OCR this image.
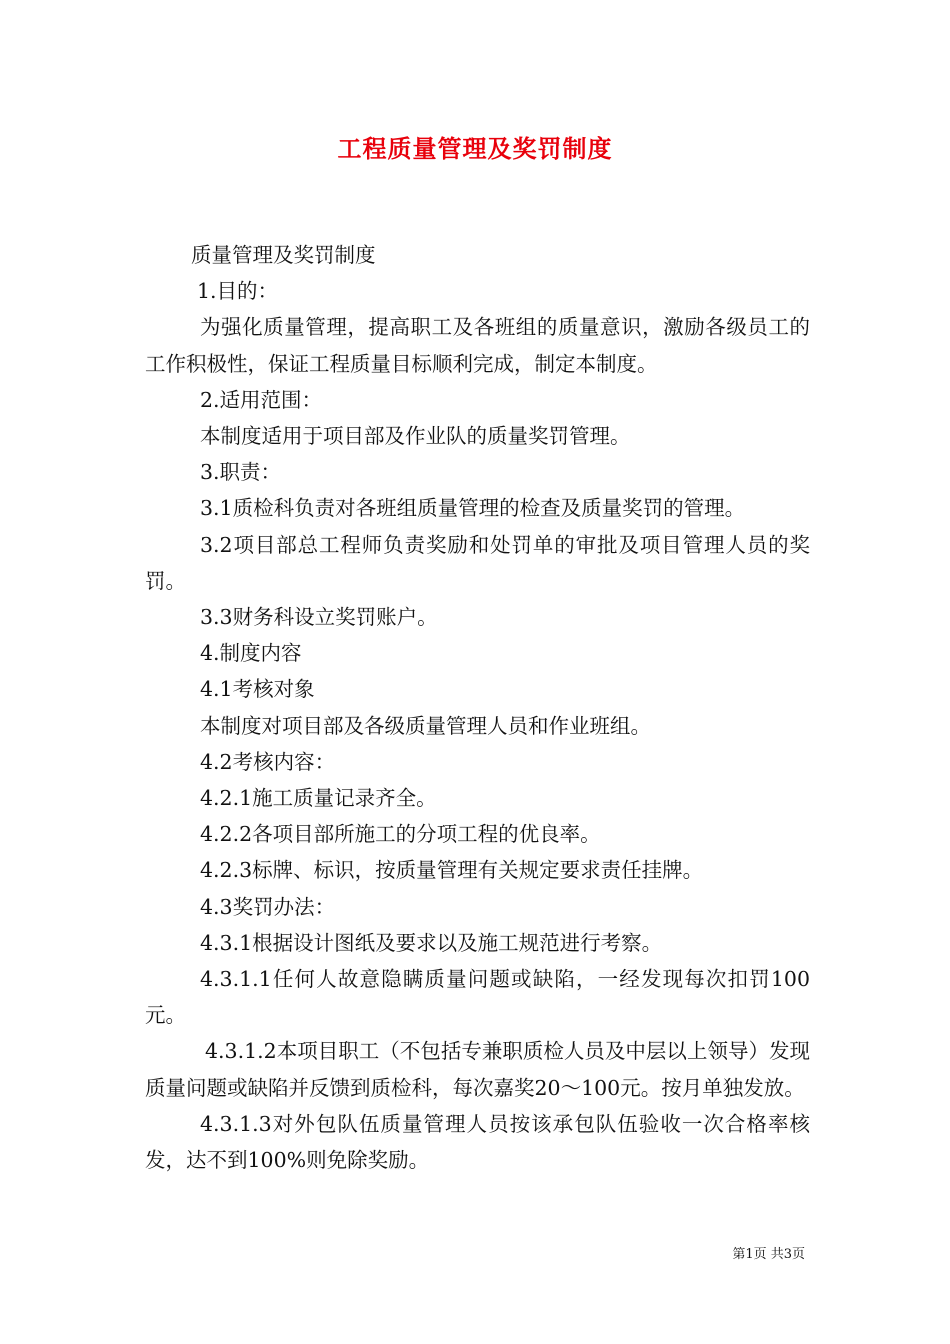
工程质量管理及奖罚制度

质量管理及奖罚制度

1.目的：

为强化质量管理，提高职工及各班组的质量意识，激励各级员工的工作积极性，保证工程质量目标顺利完成，制定本制度。

2.适用范围：

本制度适用于项目部及作业队的质量奖罚管理。

3.职责：

3.1质检科负责对各班组质量管理的检查及质量奖罚的管理。

3.2项目部总工程师负责奖励和处罚单的审批及项目管理人员的奖罚。

3.3财务科设立奖罚账户。

4.制度内容

4.1考核对象

本制度对项目部及各级质量管理人员和作业班组。

4.2考核内容：

4.2.1施工质量记录齐全。

4.2.2各项目部所施工的分项工程的优良率。

4.2.3标牌、标识，按质量管理有关规定要求责任挂牌。

4.3奖罚办法：

4.3.1根据设计图纸及要求以及施工规范进行考察。

4.3.1.1任何人故意隐瞒质量问题或缺陷，一经发现每次扣罚100元。

4.3.1.2本项目职工（不包括专兼职质检人员及中层以上领导）发现质量问题或缺陷并反馈到质检科，每次嘉奖20～100元。按月单独发放。

4.3.1.3对外包队伍质量管理人员按该承包队伍验收一次合格率核发，达不到100%则免除奖励。

第1页 共3页
